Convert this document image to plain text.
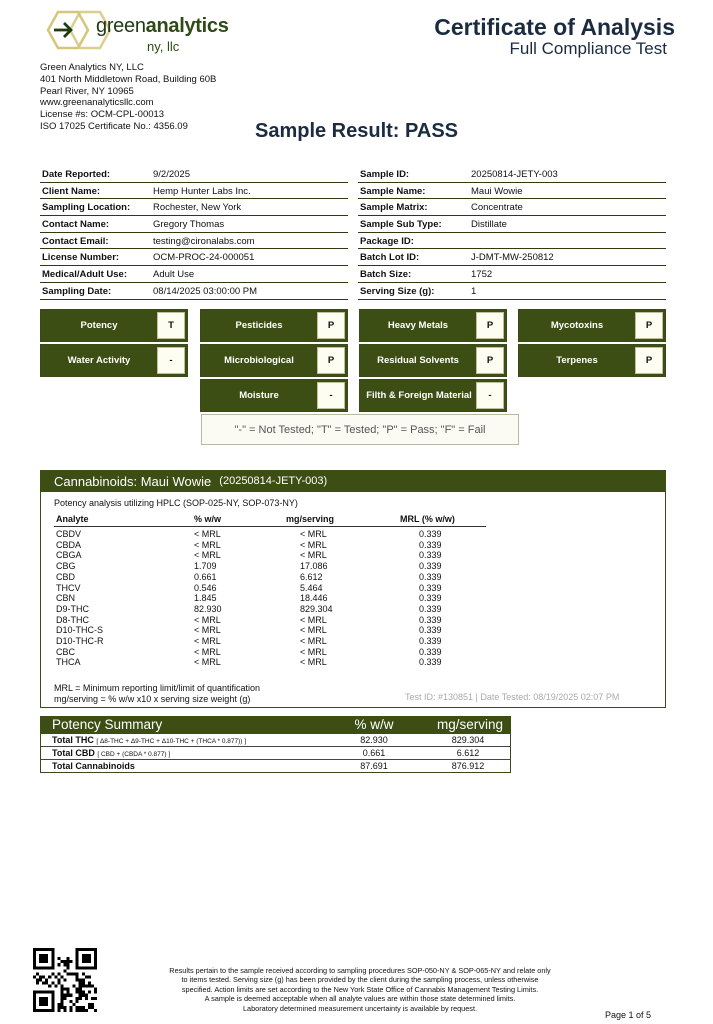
greenanalytics
ny, llc
Certificate of Analysis
Full Compliance Test
Green Analytics NY, LLC
401 North Middletown Road, Building 60B
Pearl River, NY 10965
www.greenanalyticsllc.com
License #s: OCM-CPL-00013
ISO 17025 Certificate No.: 4356.09	Sample Result: PASS
Date Reported:	9/2/2025
Client Name:	Hemp Hunter Labs Inc.
Sampling Location: Rochester, New York
Contact Name:	Gregory Thomas
Contact Email:	testing@cironalabs.com
License Number:	OCM-PROC-24-000051
Medical/Adult Use:	Adult Use
Sampling Date:	08/14/2025 03:00:00 PM
Sample ID:	20250814-JETY-003
Sample Name:	Maui Wowie
Sample Matrix:	Concentrate
Sample Sub Type:	Distillate
Package ID:
Batch Lot ID:	J-DMT-MW-250812
Batch Size:	1752
Serving Size (g):	1
Potency	T	Pesticides	P	Heavy Metals	P	Mycotoxins	P
Water Activity	-	Microbiological	P	Residual Solvents	P	Terpenes	P
Moisture	-	Filth & Foreign Material	-
"-" = Not Tested; "T" = Tested; "P" = Pass; "F" = Fail
Cannabinoids: Maui Wowie (20250814-JETY-003)
Potency analysis utilizing HPLC (SOP-025-NY, SOP-073-NY)
Analyte	% w/w	mg/serving	MRL (% w/w)
CBDV	< MRL	< MRL	0.339
CBDA	< MRL	< MRL	0.339
CBGA	< MRL	< MRL	0.339
CBG	1.709	17.086	0.339
CBD	0.661	6.612	0.339
THCV	0.546	5.464	0.339
CBN	1.845	18.446	0.339
D9-THC	82.930	829.304	0.339
D8-THC	< MRL	< MRL	0.339
D10-THC-S	< MRL	< MRL	0.339
D10-THC-R	< MRL	< MRL	0.339
CBC	< MRL	< MRL	0.339
THCA	< MRL	< MRL	0.339
MRL = Minimum reporting limit/limit of quantification
mg/serving = % w/w x10 x serving size weight (g)	Test ID: #130851 | Date Tested: 08/19/2025 02:07 PM
Potency Summary	% w/w	mg/serving
Total THC [ Δ8-THC + Δ9-THC + Δ10-THC + (THCA * 0.877)) ]	82.930	829.304
Total CBD [ CBD + (CBDA * 0.877) ]	0.661	6.612
Total Cannabinoids	87.691	876.912
Results pertain to the sample received according to sampling procedures SOP-050-NY & SOP-065-NY and relate only
to items tested. Serving size (g) has been provided by the client during the sampling process, unless otherwise
specified. Action limits are set according to the New York State Office of Cannabis Management Testing Limits.
A sample is deemed acceptable when all analyte values are within those state determined limits.
Laboratory determined measurement uncertainty is available by request.
Page 1 of 5
